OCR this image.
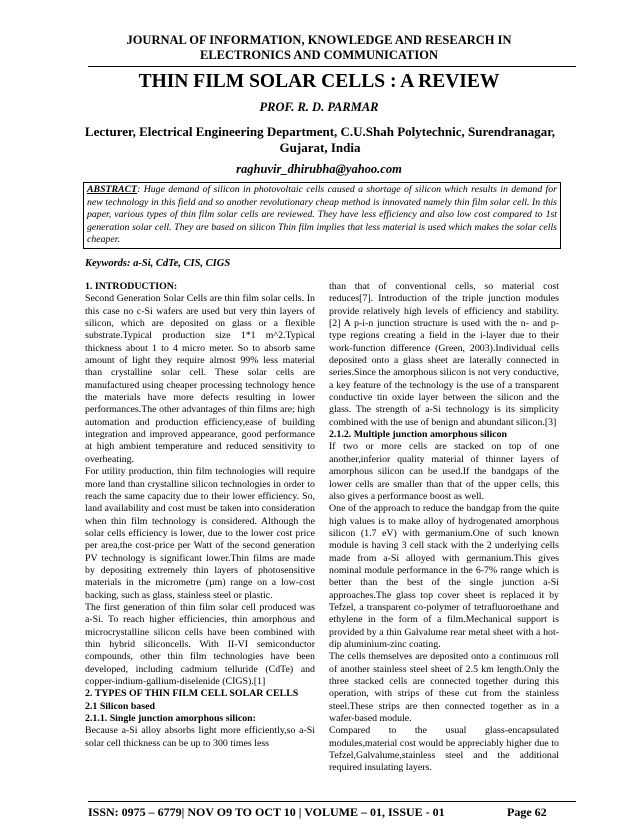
JOURNAL OF INFORMATION, KNOWLEDGE AND RESEARCH IN
ELECTRONICS AND COMMUNICATION
THIN FILM SOLAR CELLS : A REVIEW
PROF. R. D. PARMAR
Lecturer, Electrical Engineering Department, C.U.Shah Polytechnic, Surendranagar,
Gujarat, India
raghuvir_dhirubha@yahoo.com
ABSTRACT: Huge demand of silicon in photovoltaic cells caused a shortage of silicon which results in demand for new technology in this field and so another revolutionary cheap method is innovated namely thin film solar cell. In this paper, various types of thin film solar cells are reviewed. They have less efficiency and also low cost compared to 1st generation solar cell. They are based on silicon Thin film implies that less material is used which makes the solar cells cheaper.
Keywords: a-Si, CdTe, CIS, CIGS

1. INTRODUCTION:

Second Generation Solar Cells are thin film solar cells. In this case no c-Si wafers are used but very thin layers of silicon, which are deposited on glass or a flexible substrate.Typical production size 1*1 m^2.Typical thickness about 1 to 4 micro meter. So to absorb same amount of light they require almost 99% less material than crystalline solar cell. These solar cells are manufactured using cheaper processing technology hence the materials have more defects resulting in lower performances.The other advantages of thin films are; high automation and production efficiency,ease of building integration and improved appearance, good performance at high ambient temperature and reduced sensitivity to overheating.

For utility production, thin film technologies will require more land than crystalline silicon technologies in order to reach the same capacity due to their lower efficiency. So, land availability and cost must be taken into consideration when thin film technology is considered. Although the solar cells efficiency is lower, due to the lower cost price per area,the cost-price per Watt of the second generation PV technology is significant lower.Thin films are made by depositing extremely thin layers of photosensitive materials in the micrometre (µm) range on a low-cost backing, such as glass, stainless steel or plastic.

The first generation of thin film solar cell produced was a-Si. To reach higher efficiencies, thin amorphous and microcrystalline silicon cells have been combined with thin hybrid siliconcells. With II-VI semiconductor compounds, other thin film technologies have been developed, including cadmium telluride (CdTe) and copper-indium-gallium-diselenide (CIGS).[1]

2. TYPES OF THIN FILM CELL SOLAR CELLS

2.1 Silicon based

2.1.1. Single junction amorphous silicon:

Because a-Si alloy absorbs light more efficiently,so a-Si solar cell thickness can be up to 300 times less

than that of conventional cells, so material cost reduces[7]. Introduction of the triple junction modules provide relatively high levels of efficiency and stability.[2] A p-i-n junction structure is used with the n- and p-type regions creating a field in the i-layer due to their work-function difference (Green, 2003).Individual cells deposited onto a glass sheet are laterally connected in series.Since the amorphous silicon is not very conductive, a key feature of the technology is the use of a transparent conductive tin oxide layer between the silicon and the glass. The strength of a-Si technology is its simplicity combined with the use of benign and abundant silicon.[3]

2.1.2. Multiple junction amorphous silicon

If two or more cells are stacked on top of one another,inferior quality material of thinner layers of amorphous silicon can be used.If the bandgaps of the lower cells are smaller than that of the upper cells, this also gives a performance boost as well.

One of the approach to reduce the bandgap from the quite high values is to make alloy of hydrogenated amorphous silicon (1.7 eV) with germanium.One of such known module is having 3 cell stack with the 2 underlying cells made from a-Si alloyed with germanium.This gives nominal module performance in the 6-7% range which is better than the best of the single junction a-Si approaches.The glass top cover sheet is replaced it by Tefzel, a transparent co-polymer of tetrafluoroethane and ethylene in the form of a film.Mechanical support is provided by a thin Galvalume rear metal sheet with a hot-dip aluminium-zinc coating.

The cells themselves are deposited onto a continuous roll of another stainless steel sheet of 2.5 km length.Only the three stacked cells are connected together during this operation, with strips of these cut from the stainless steel.These strips are then connected together as in a wafer-based module.

Compared to the usual glass-encapsulated modules,material cost would be appreciably higher due to Tefzel,Galvalume,stainless steel and the additional required insulating layers.

ISSN: 0975 – 6779| NOV O9 TO OCT 10 | VOLUME – 01, ISSUE - 01	Page 62
